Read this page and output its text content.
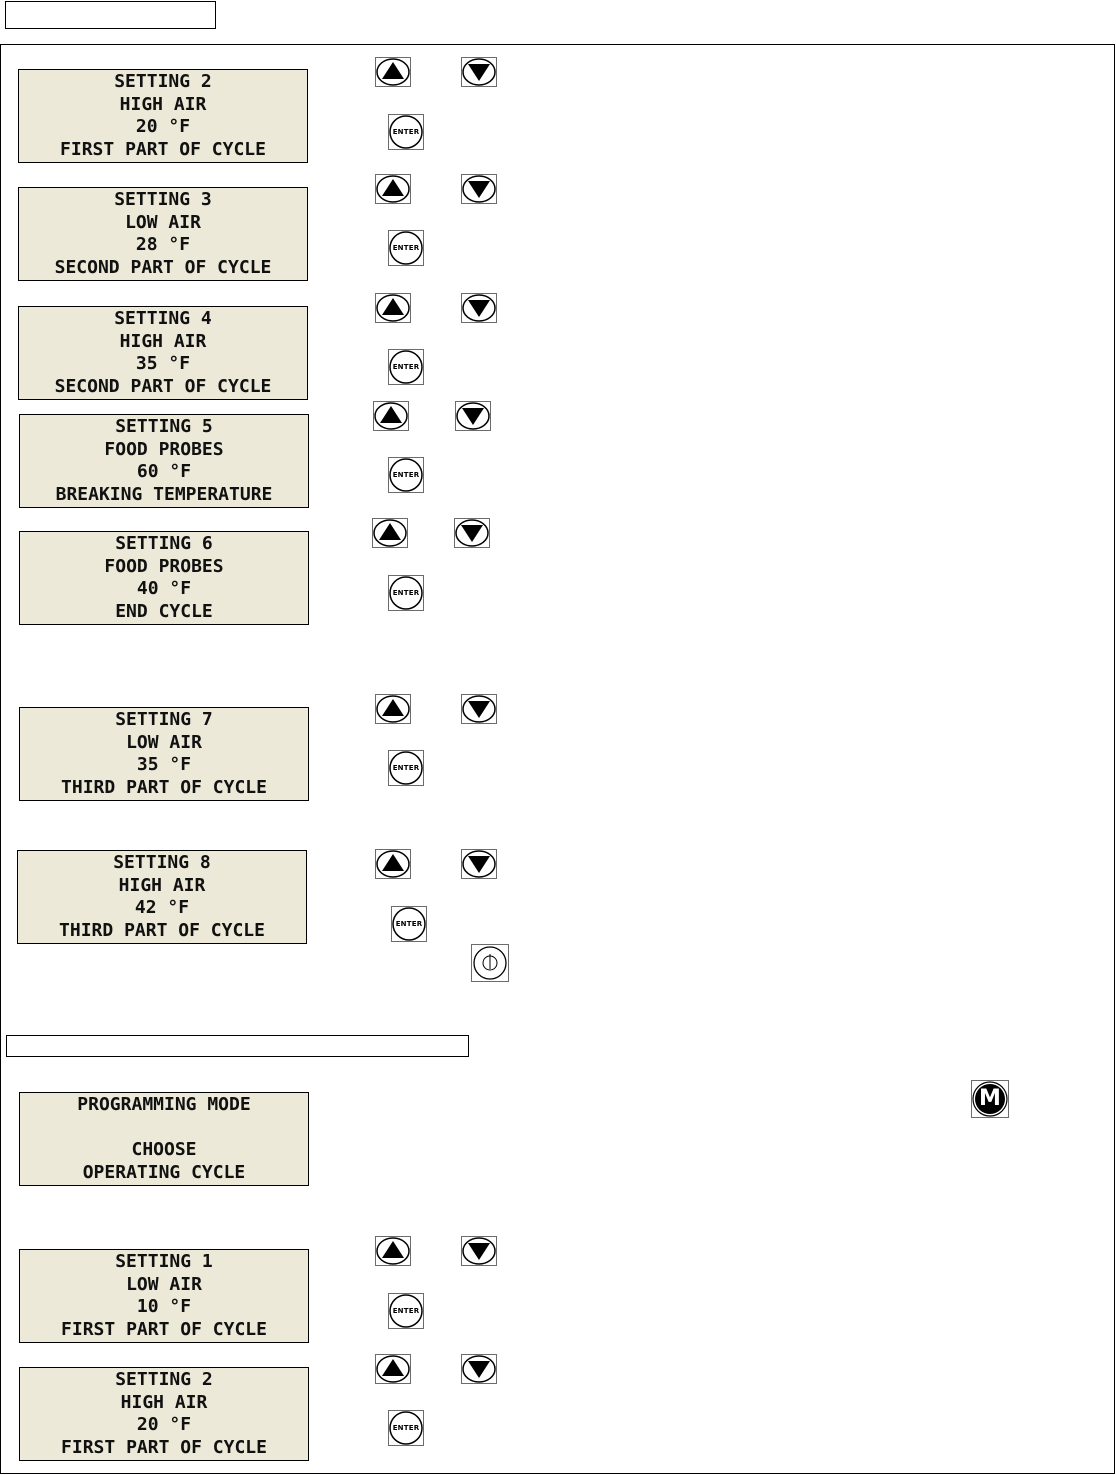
SETTING 2
HIGH AIR
20 °F
FIRST PART OF CYCLE
SETTING 3
LOW AIR
28 °F
SECOND PART OF CYCLE
SETTING 4
HIGH AIR
35 °F
SECOND PART OF CYCLE
SETTING 5
FOOD PROBES
60 °F
BREAKING TEMPERATURE
SETTING 6
FOOD PROBES
40 °F
END CYCLE
SETTING 7
LOW AIR
35 °F
THIRD PART OF CYCLE
SETTING 8
HIGH AIR
42 °F
THIRD PART OF CYCLE
PROGRAMMING MODE
CHOOSE
OPERATING CYCLE
SETTING 1
LOW AIR
10 °F
FIRST PART OF CYCLE
SETTING 2
HIGH AIR
20 °F
FIRST PART OF CYCLE
ENTER
ENTER
ENTER
ENTER
ENTER
ENTER
ENTER
ENTER
ENTER
M
